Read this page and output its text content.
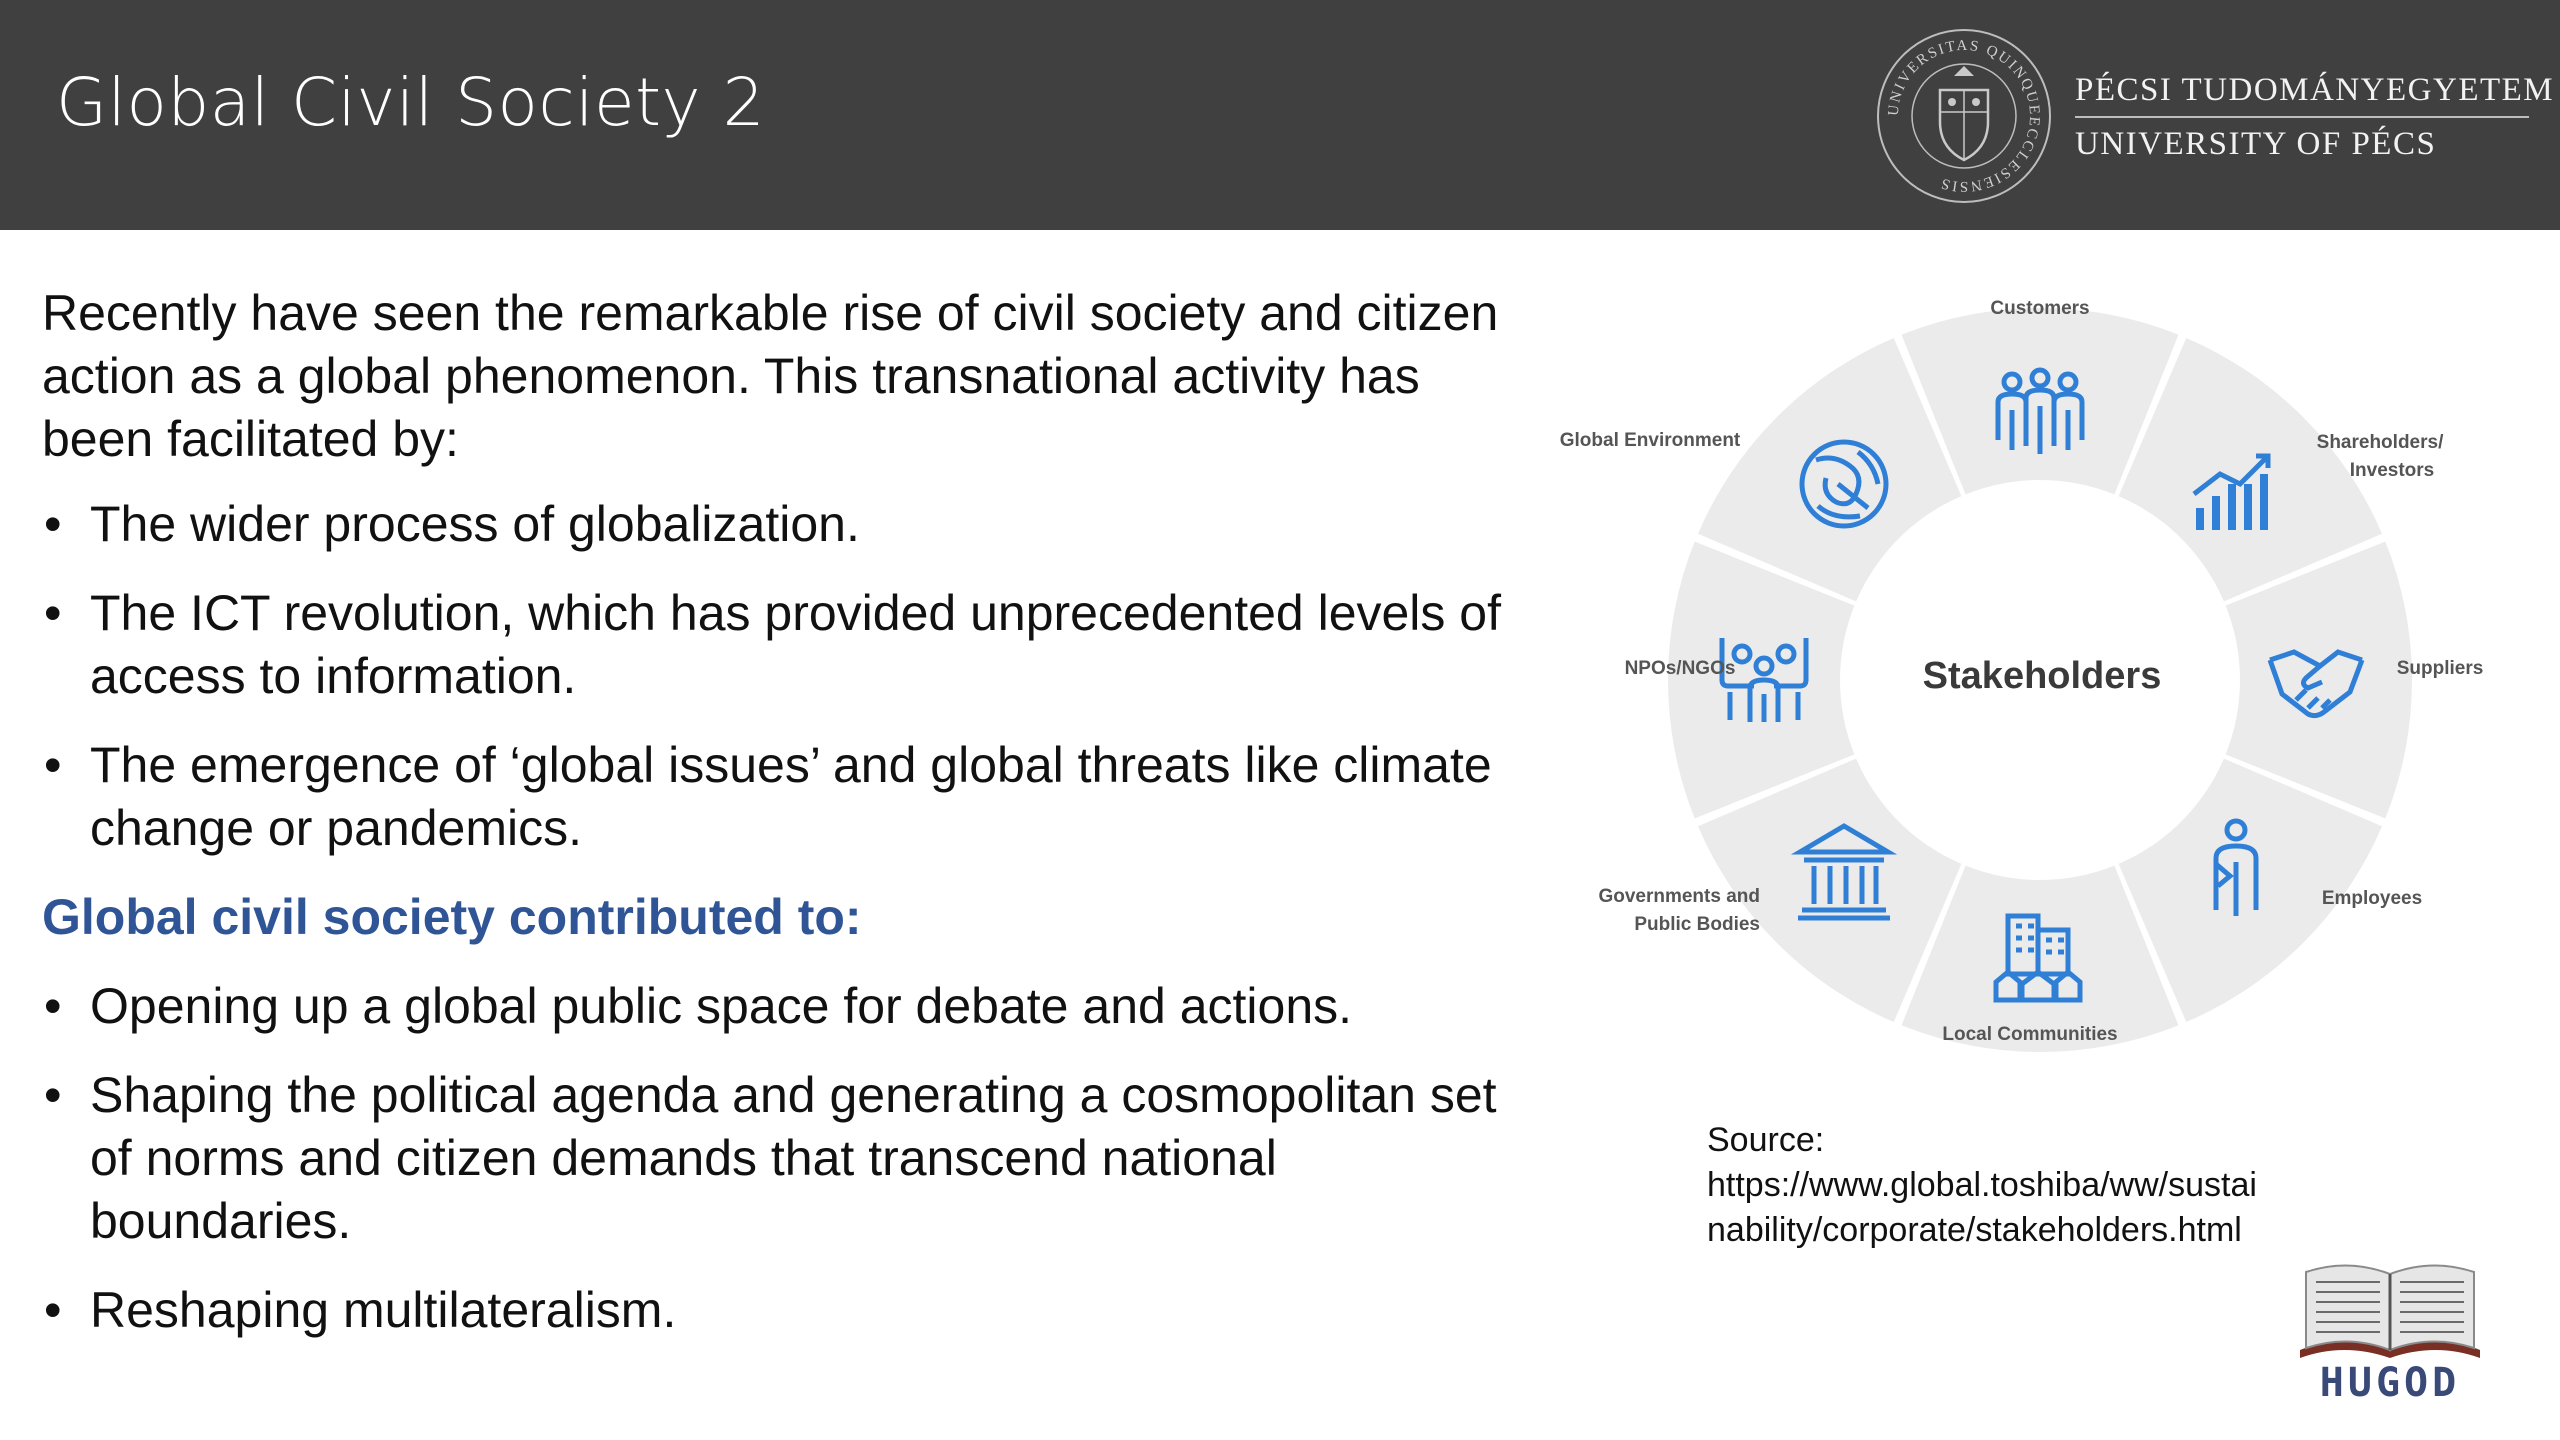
Global Civil Society 2	UNIVERSITAS QUINQUEECCLESIENSIS
PÉCSI TUDOMÁNYEGYETEM
UNIVERSITY OF PÉCS

Recently have seen the remarkable rise of civil society and citizen action as a global phenomenon. This transnational activity has been facilitated by:

• The wider process of globalization.
• The ICT revolution, which has provided unprecedented levels of access to information.
• The emergence of ‘global issues’ and global threats like climate change or pandemics.

Global civil society contributed to:

• Opening up a global public space for debate and actions.
• Shaping the political agenda and generating a cosmopolitan set of norms and citizen demands that transcend national boundaries.
• Reshaping multilateralism.
Customers
Shareholders/
Investors
Suppliers
Employees
Local Communities
Governments and
Public Bodies
NPOs/NGOs
Global Environment
Stakeholders
Source:
https://www.global.toshiba/ww/sustainability/corporate/stakeholders.html
HUGOD
